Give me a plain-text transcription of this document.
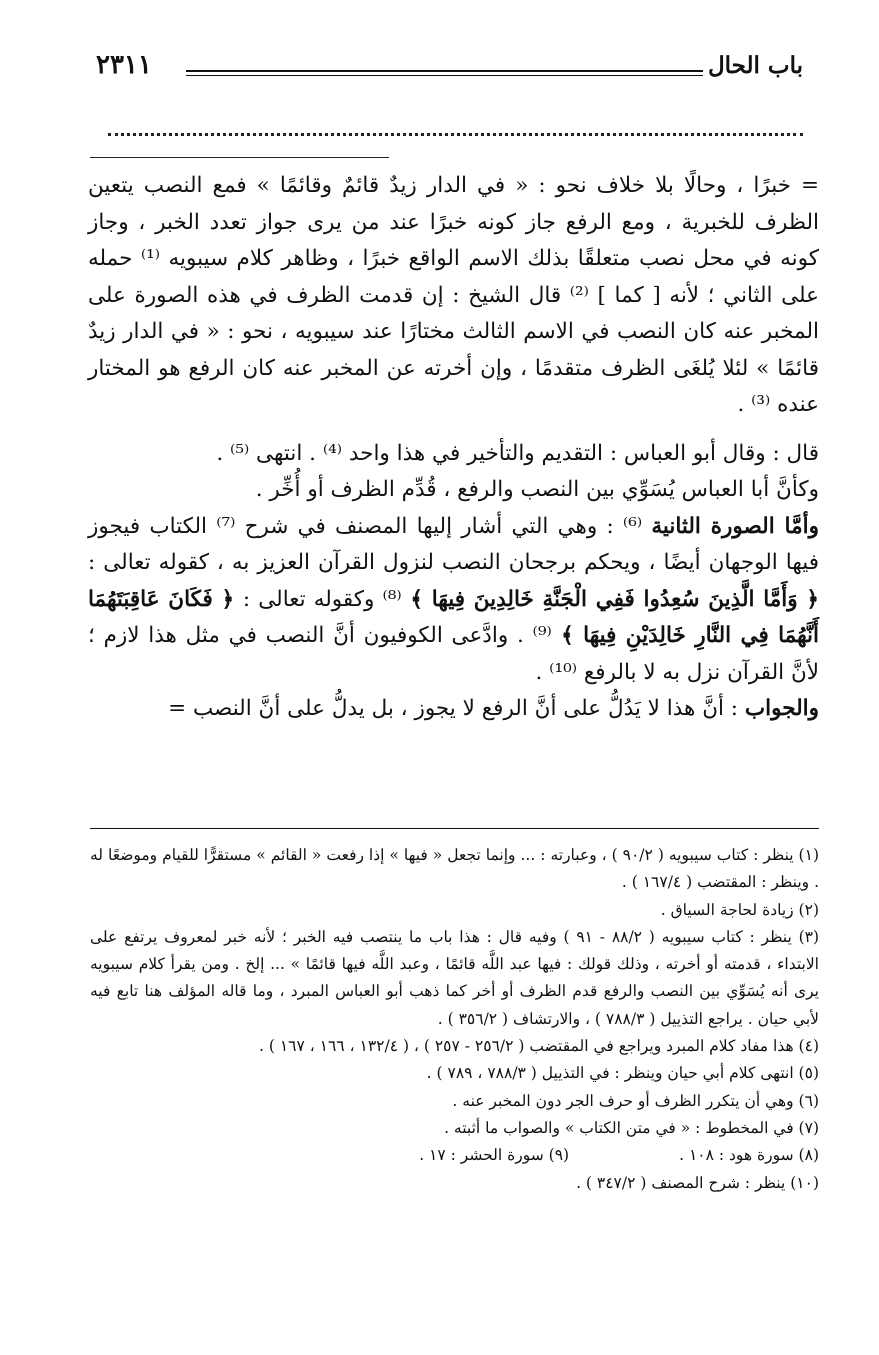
باب الحال
٢٣١١

= خبرًا ، وحالًا بلا خلاف نحو : « في الدار زيدٌ قائمٌ وقائمًا » فمع النصب يتعين الظرف للخبرية ، ومع الرفع جاز كونه خبرًا عند من يرى جواز تعدد الخبر ، وجاز كونه في محل نصب متعلقًا بذلك الاسم الواقع خبرًا ، وظاهر كلام سيبويه ⁽¹⁾ حمله على الثاني ؛ لأنه [ كما ] ⁽²⁾ قال الشيخ : إن قدمت الظرف في هذه الصورة على المخبر عنه كان النصب في الاسم الثالث مختارًا عند سيبويه ، نحو : « في الدار زيدٌ قائمًا » لئلا يُلغَى الظرف متقدمًا ، وإن أخرته عن المخبر عنه كان الرفع هو المختار عنده ⁽³⁾ .

قال : وقال أبو العباس : التقديم والتأخير في هذا واحد ⁽⁴⁾ . انتهى ⁽⁵⁾ .

وكأنَّ أبا العباس يُسَوِّي بين النصب والرفع ، قُدِّم الظرف أو أُخِّر .

وأمَّا الصورة الثانية ⁽⁶⁾ : وهي التي أشار إليها المصنف في شرح ⁽⁷⁾ الكتاب فيجوز فيها الوجهان أيضًا ، ويحكم برجحان النصب لنزول القرآن العزيز به ، كقوله تعالى : ﴿ وَأَمَّا الَّذِينَ سُعِدُوا فَفِي الْجَنَّةِ خَالِدِينَ فِيهَا ﴾ ⁽⁸⁾ وكقوله تعالى : ﴿ فَكَانَ عَاقِبَتَهُمَا أَنَّهُمَا فِي النَّارِ خَالِدَيْنِ فِيهَا ﴾ ⁽⁹⁾ . وادَّعى الكوفيون أنَّ النصب في مثل هذا لازم ؛ لأنَّ القرآن نزل به لا بالرفع ⁽¹⁰⁾ .

والجواب : أنَّ هذا لا يَدُلُّ على أنَّ الرفع لا يجوز ، بل يدلُّ على أنَّ النصب =

(١) ينظر : كتاب سيبويه ( ٩٠/٢ ) ، وعبارته : ... وإنما تجعل « فيها » إذا رفعت « القائم » مستقرًّا للقيام وموضعًا له . وينظر : المقتضب ( ١٦٧/٤ ) .

(٢) زيادة لحاجة السياق .

(٣) ينظر : كتاب سيبويه ( ٨٨/٢ - ٩١ ) وفيه قال : هذا باب ما ينتصب فيه الخبر ؛ لأنه خبر لمعروف يرتفع على الابتداء ، قدمته أو أخرته ، وذلك قولك : فيها عبد اللَّه قائمًا ، وعبد اللَّه فيها قائمًا » ... إلخ . ومن يقرأ كلام سيبويه يرى أنه يُسَوِّي بين النصب والرفع قدم الظرف أو أخر كما ذهب أبو العباس المبرد ، وما قاله المؤلف هنا تابع فيه لأبي حيان . يراجع التذييل ( ٧٨٨/٣ ) ، والارتشاف ( ٣٥٦/٢ ) .

(٤) هذا مفاد كلام المبرد ويراجع في المقتضب ( ٢٥٦/٢ - ٢٥٧ ) ، ( ١٣٢/٤ ، ١٦٦ ، ١٦٧ ) .

(٥) انتهى كلام أبي حيان وينظر : في التذييل ( ٧٨٨/٣ ، ٧٨٩ ) .

(٦) وهي أن يتكرر الظرف أو حرف الجر دون المخبر عنه .

(٧) في المخطوط : « في متن الكتاب » والصواب ما أثبته .

(٨) سورة هود : ١٠٨ .
(٩) سورة الحشر : ١٧ .

(١٠) ينظر : شرح المصنف ( ٣٤٧/٢ ) .
